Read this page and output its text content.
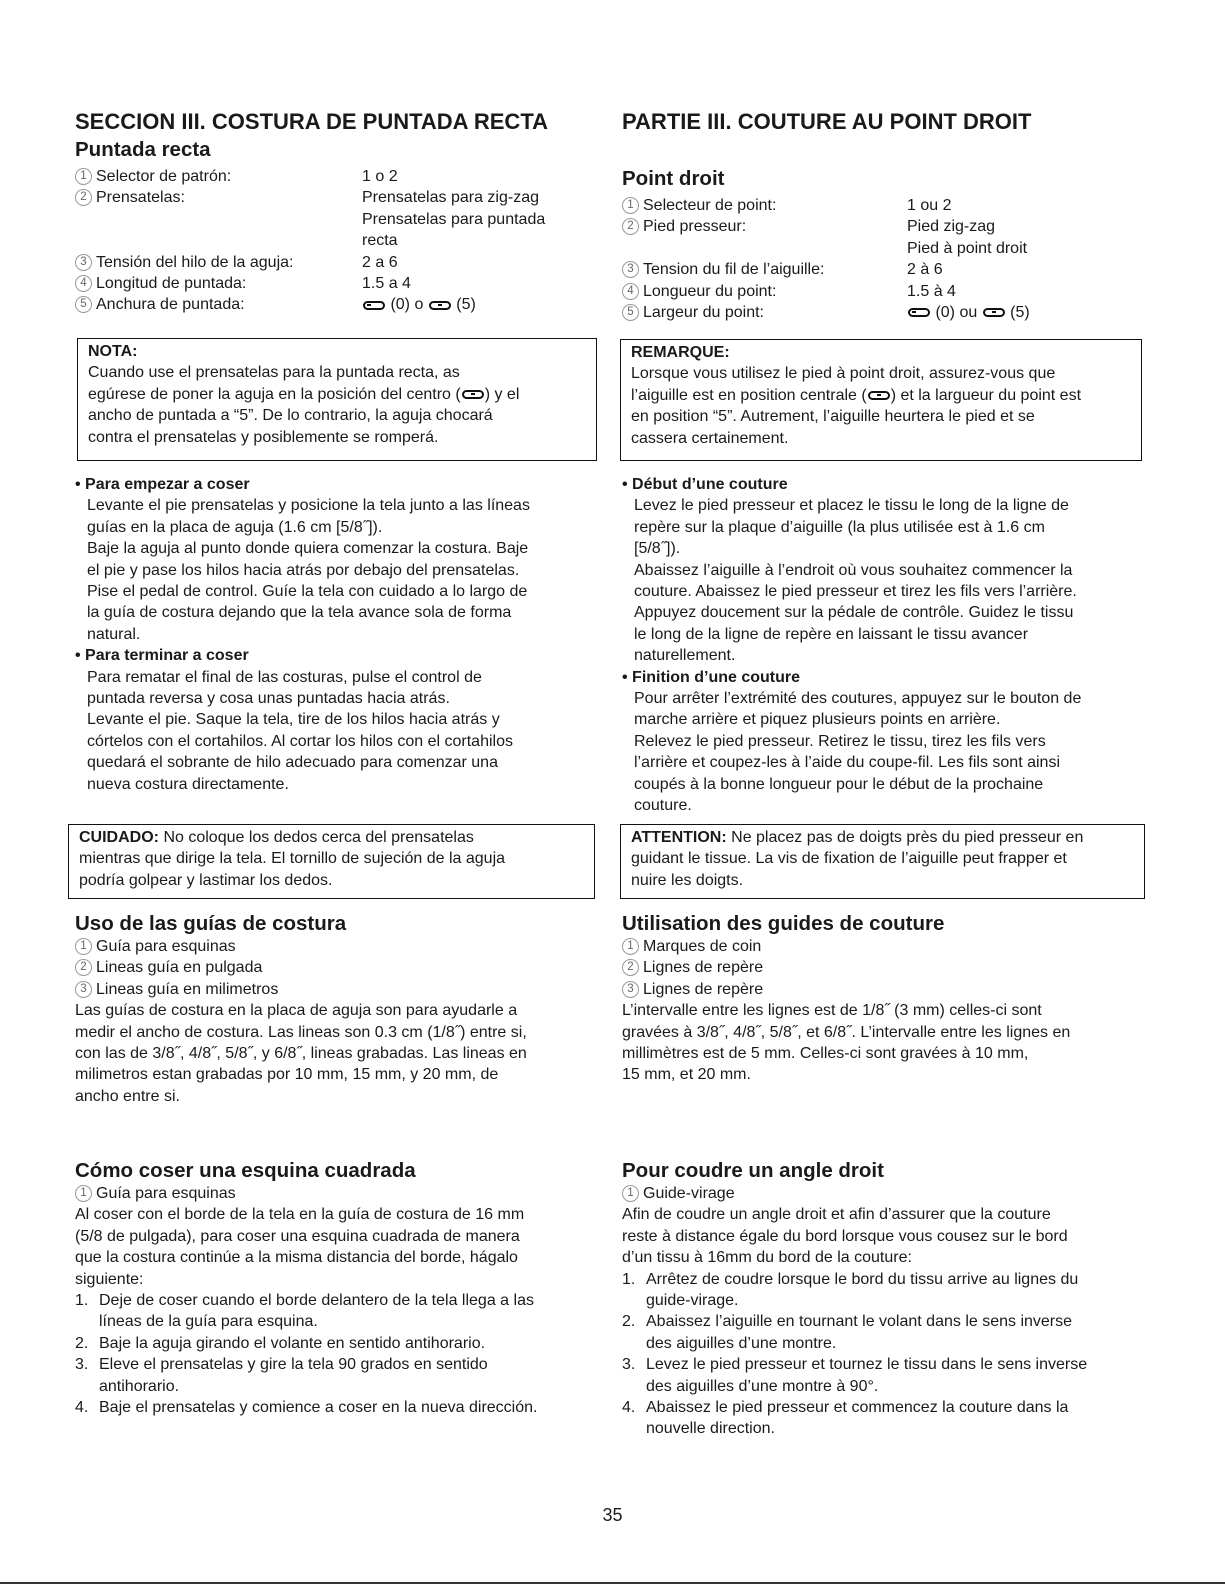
SECCION III. COSTURA DE PUNTADA RECTA
Puntada recta
1 Selector de patrón:	1 o 2
2 Prensatelas:	Prensatelas para zig-zag
Prensatelas para puntada
recta
3 Tensión del hilo de la aguja:	2 a 6
4 Longitud de puntada:	1.5 a 4
5 Anchura de puntada:	(0) o (5)
NOTA:
Cuando use el prensatelas para la puntada recta, as
egúrese de poner la aguja en la posición del centro ( ) y el
ancho de puntada a “5”. De lo contrario, la aguja chocará
contra el prensatelas y posiblemente se romperá.
• Para empezar a coser
Levante el pie prensatelas y posicione la tela junto a las líneas
guías en la placa de aguja (1.6 cm [5/8˝]).
Baje la aguja al punto donde quiera comenzar la costura. Baje
el pie y pase los hilos hacia atrás por debajo del prensatelas.
Pise el pedal de control. Guíe la tela con cuidado a lo largo de
la guía de costura dejando que la tela avance sola de forma
natural.
• Para terminar a coser
Para rematar el final de las costuras, pulse el control de
puntada reversa y cosa unas puntadas hacia atrás.
Levante el pie. Saque la tela, tire de los hilos hacia atrás y
córtelos con el cortahilos. Al cortar los hilos con el cortahilos
quedará el sobrante de hilo adecuado para comenzar una
nueva costura directamente.
CUIDADO: No coloque los dedos cerca del prensatelas
mientras que dirige la tela. El tornillo de sujeción de la aguja
podría golpear y lastimar los dedos.
Uso de las guías de costura
1 Guía para esquinas
2 Lineas guía en pulgada
3 Lineas guía en milimetros
Las guías de costura en la placa de aguja son para ayudarle a
medir el ancho de costura. Las lineas son 0.3 cm (1/8˝) entre si,
con las de 3/8˝, 4/8˝, 5/8˝, y 6/8˝, lineas grabadas. Las lineas en
milimetros estan grabadas por 10 mm, 15 mm, y 20 mm, de
ancho entre si.
Cómo coser una esquina cuadrada
1 Guía para esquinas
Al coser con el borde de la tela en la guía de costura de 16 mm
(5/8 de pulgada), para coser una esquina cuadrada de manera
que la costura continúe a la misma distancia del borde, hágalo
siguiente:
1. Deje de coser cuando el borde delantero de la tela llega a las
líneas de la guía para esquina.
2. Baje la aguja girando el volante en sentido antihorario.
3. Eleve el prensatelas y gire la tela 90 grados en sentido
antihorario.
4. Baje el prensatelas y comience a coser en la nueva dirección.
PARTIE III. COUTURE AU POINT DROIT
Point droit
1 Selecteur de point:	1 ou 2
2 Pied presseur:	Pied zig-zag
Pied à point droit
3 Tension du fil de l’aiguille:	2 à 6
4 Longueur du point:	1.5 à 4
5 Largeur du point:	(0) ou (5)
REMARQUE:
Lorsque vous utilisez le pied à point droit, assurez-vous que
l’aiguille est en position centrale ( ) et la largueur du point est
en position “5”. Autrement, l’aiguille heurtera le pied et se
cassera certainement.
• Début d’une couture
Levez le pied presseur et placez le tissu le long de la ligne de
repère sur la plaque d’aiguille (la plus utilisée est à 1.6 cm
[5/8˝]).
Abaissez l’aiguille à l’endroit où vous souhaitez commencer la
couture. Abaissez le pied presseur et tirez les fils vers l’arrière.
Appuyez doucement sur la pédale de contrôle. Guidez le tissu
le long de la ligne de repère en laissant le tissu avancer
naturellement.
• Finition d’une couture
Pour arrêter l’extrémité des coutures, appuyez sur le bouton de
marche arrière et piquez plusieurs points en arrière.
Relevez le pied presseur. Retirez le tissu, tirez les fils vers
l’arrière et coupez-les à l’aide du coupe-fil. Les fils sont ainsi
coupés à la bonne longueur pour le début de la prochaine
couture.
ATTENTION: Ne placez pas de doigts près du pied presseur en
guidant le tissue. La vis de fixation de l’aiguille peut frapper et
nuire les doigts.
Utilisation des guides de couture
1 Marques de coin
2 Lignes de repère
3 Lignes de repère
L’intervalle entre les lignes est de 1/8˝ (3 mm) celles-ci sont
gravées à 3/8˝, 4/8˝, 5/8˝, et 6/8˝. L’intervalle entre les lignes en
millimètres est de 5 mm. Celles-ci sont gravées à 10 mm,
15 mm, et 20 mm.
Pour coudre un angle droit
1 Guide-virage
Afin de coudre un angle droit et afin d’assurer que la couture
reste à distance égale du bord lorsque vous cousez sur le bord
d’un tissu à 16mm du bord de la couture:
1. Arrêtez de coudre lorsque le bord du tissu arrive au lignes du
guide-virage.
2. Abaissez l’aiguille en tournant le volant dans le sens inverse
des aiguilles d’une montre.
3. Levez le pied presseur et tournez le tissu dans le sens inverse
des aiguilles d’une montre à 90°.
4. Abaissez le pied presseur et commencez la couture dans la
nouvelle direction.
35
